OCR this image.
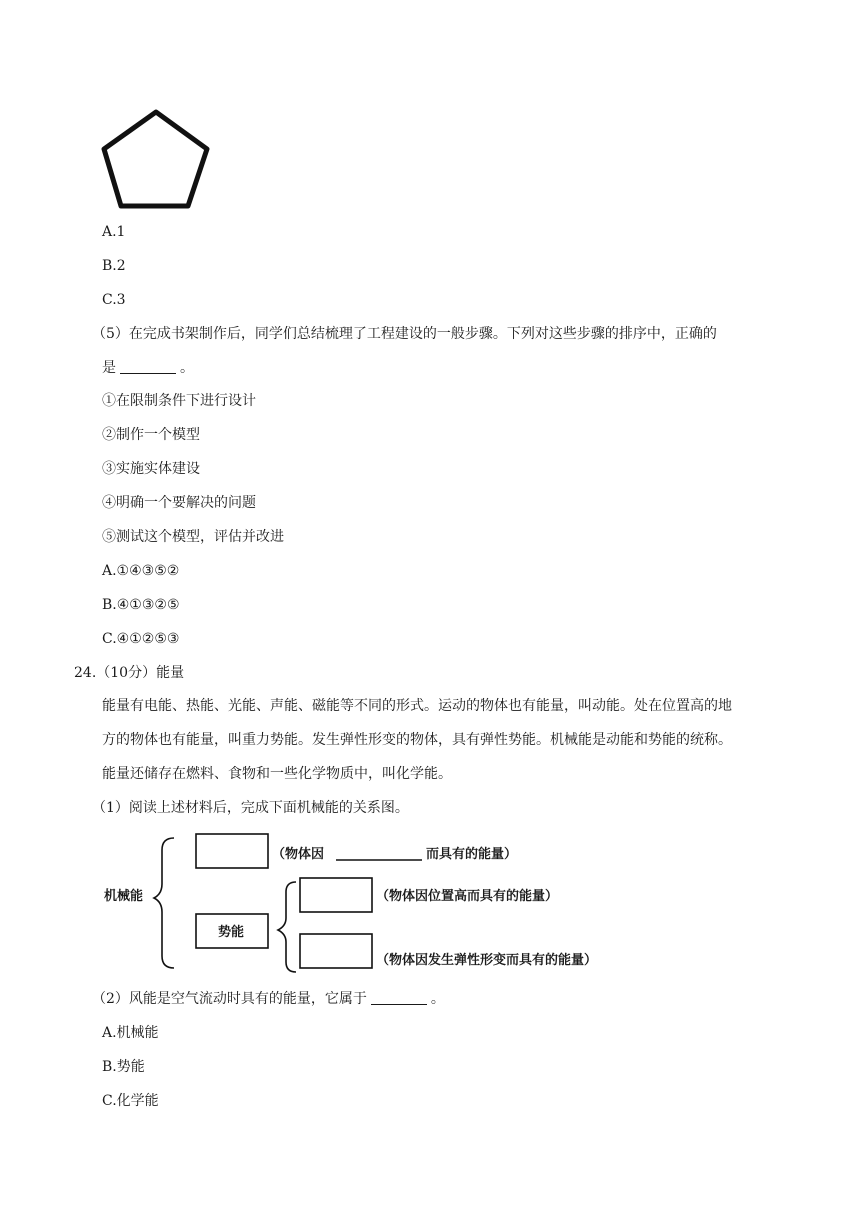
A.1
B.2
C.3
（5）在完成书架制作后，同学们总结梳理了工程建设的一般步骤。下列对这些步骤的排序中，正确的
是	。
①在限制条件下进行设计
②制作一个模型
③实施实体建设
④明确一个要解决的问题
⑤测试这个模型，评估并改进
A.①④③⑤②
B.④①③②⑤
C.④①②⑤③
24.（10分）能量
能量有电能、热能、光能、声能、磁能等不同的形式。运动的物体也有能量，叫动能。处在位置高的地
方的物体也有能量，叫重力势能。发生弹性形变的物体，具有弹性势能。机械能是动能和势能的统称。
能量还储存在燃料、食物和一些化学物质中，叫化学能。
（1）阅读上述材料后，完成下面机械能的关系图。
机械能
（物体因	而具有的能量）
势能
（物体因位置高而具有的能量）
（物体因发生弹性形变而具有的能量）
（2）风能是空气流动时具有的能量，它属于	。
A.机械能
B.势能
C.化学能
